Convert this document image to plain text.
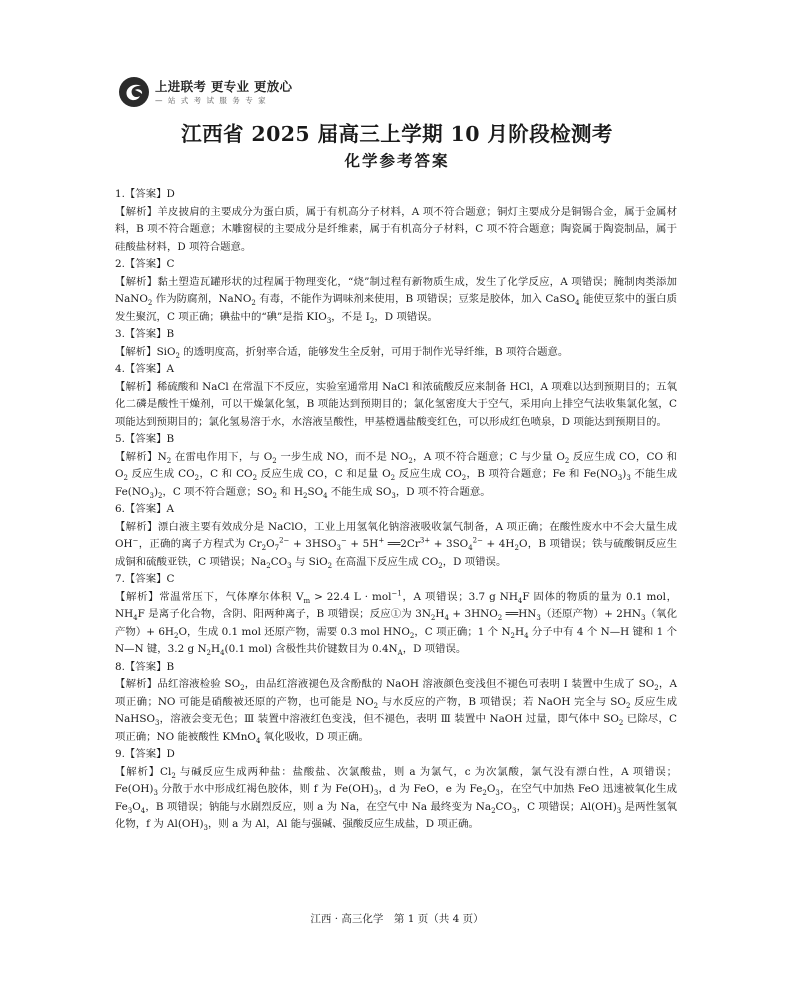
上进联考 更专业 更放心
— 站 式 考 试 服 务 专 家
江西省 2025 届高三上学期 10 月阶段检测考
化学参考答案

1.【答案】D

【解析】羊皮披肩的主要成分为蛋白质，属于有机高分子材料，A 项不符合题意；铜灯主要成分是铜锡合金，属于金属材料，B 项不符合题意；木雕窗棂的主要成分是纤维素，属于有机高分子材料，C 项不符合题意；陶瓷属于陶瓷制品，属于硅酸盐材料，D 项符合题意。

2.【答案】C

【解析】黏土塑造瓦罐形状的过程属于物理变化，“烧”制过程有新物质生成，发生了化学反应，A 项错误；腌制肉类添加 NaNO$_2$ 作为防腐剂，NaNO$_2$ 有毒，不能作为调味剂来使用，B 项错误；豆浆是胶体，加入 CaSO$_4$ 能使豆浆中的蛋白质发生聚沉，C 项正确；碘盐中的“碘”是指 $KIO_3$，不是 $I_2$，D 项错误。

3.【答案】B

【解析】SiO$_2$ 的透明度高，折射率合适，能够发生全反射，可用于制作光导纤维，B 项符合题意。

4.【答案】A

【解析】稀硫酸和 NaCl 在常温下不反应，实验室通常用 NaCl 和浓硫酸反应来制备 HCl，A 项难以达到预期目的；五氧化二磷是酸性干燥剂，可以干燥氯化氢，B 项能达到预期目的；氯化氢密度大于空气，采用向上排空气法收集氯化氢，C 项能达到预期目的；氯化氢易溶于水，水溶液呈酸性，甲基橙遇盐酸变红色，可以形成红色喷泉，D 项能达到预期目的。

5.【答案】B

【解析】$N_2$ 在雷电作用下，与 $O_2$ 一步生成 NO，而不是 $NO_2$，A 项不符合题意；C 与少量 $O_2$ 反应生成 CO，CO 和 $O_2$ 反应生成 $CO_2$，C 和 $CO_2$ 反应生成 CO，C 和足量 $O_2$ 反应生成 $CO_2$，B 项符合题意；Fe 和 $Fe(NO_3)_3$ 不能生成 $Fe(NO_3)_2$，C 项不符合题意；$SO_2$ 和 $H_2SO_4$ 不能生成 $SO_3$，D 项不符合题意。

6.【答案】A

【解析】漂白液主要有效成分是 NaClO，工业上用氢氧化钠溶液吸收氯气制备，A 项正确；在酸性废水中不会大量生成 OH−，正确的离子方程式为 $Cr_2O_7^{2-} + 3HSO_3^- + 5H^+$ $══2Cr^{3+} + 3SO_4^{2-} + 4H_2O$，B 项错误；铁与硫酸铜反应生成铜和硫酸亚铁，C 项错误；$Na_2CO_3$ 与 SiO$_2$ 在高温下反应生成 $CO_2$，D 项错误。

7.【答案】C

【解析】常温常压下，气体摩尔体积 $V_m > 22.4$ L · mol$^{-1}$，A 项错误；3.7 g $NH_4F$ 固体的物质的量为 0.1 mol，$NH_4F$ 是离子化合物，含阴、阳两种离子，B 项错误；反应①为 $3N_2H_4 + 3HNO_2$ $══HN_3$（还原产物）+ $2HN_3$（氧化产物）+ $6H_2O$，生成 0.1 mol 还原产物，需要 0.3 mol $HNO_2$，C 项正确；1 个 $N_2H_4$ 分子中有 4 个 N—H 键和 1 个 N—N 键，3.2 g $N_2H_4(0.1$ mol) 含极性共价键数目为 $0.4N_A$，D 项错误。

8.【答案】B

【解析】品红溶液检验 $SO_2$，由品红溶液褪色及含酚酞的 NaOH 溶液颜色变浅但不褪色可表明 Ⅰ 装置中生成了 $SO_2$，A 项正确；NO 可能是硝酸被还原的产物，也可能是 $NO_2$ 与水反应的产物，B 项错误；若 NaOH 完全与 $SO_2$ 反应生成 NaHSO$_3$，溶液会变无色；Ⅲ 装置中溶液红色变浅，但不褪色，表明 Ⅲ 装置中 NaOH 过量，即气体中 $SO_2$ 已除尽，C 项正确；NO 能被酸性 KMnO$_4$ 氧化吸收，D 项正确。

9.【答案】D

【解析】$Cl_2$ 与碱反应生成两种盐：盐酸盐、次氯酸盐，则 a 为氯气，c 为次氯酸，氯气没有漂白性，A 项错误；$Fe(OH)_3$ 分散于水中形成红褐色胶体，则 f 为 $Fe(OH)_3$，d 为 FeO，e 为 $Fe_2O_3$，在空气中加热 FeO 迅速被氧化生成 $Fe_3O_4$，B 项错误；钠能与水剧烈反应，则 a 为 Na，在空气中 Na 最终变为 $Na_2CO_3$，C 项错误；$Al(OH)_3$ 是两性氢氧化物，f 为 $Al(OH)_3$，则 a 为 Al，Al 能与强碱、强酸反应生成盐，D 项正确。

江西 · 高三化学　第 1 页（共 4 页）
